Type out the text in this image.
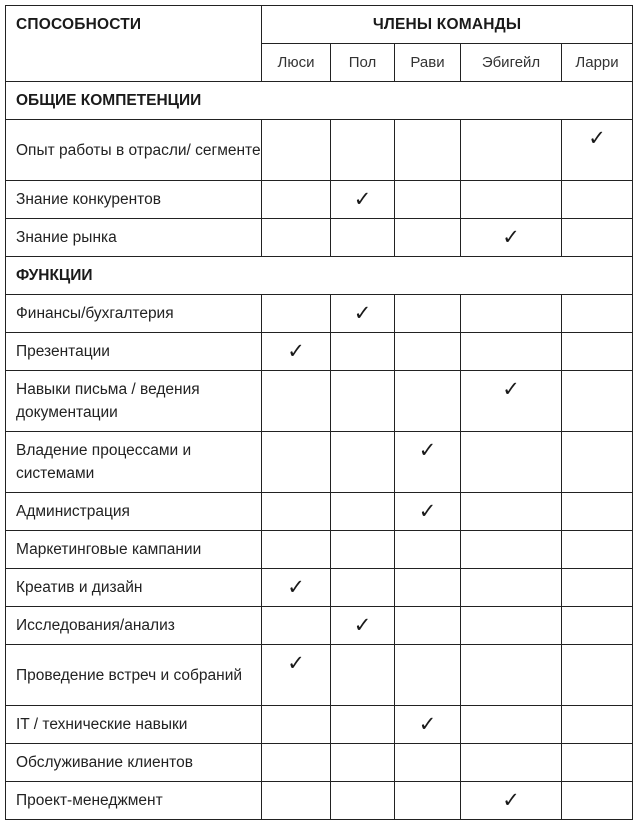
СПОСОБНОСТИ	ЧЛЕНЫ КОМАНДЫ				
	Люси	Пол	Рави	Эбигейл	Ларри
ОБЩИЕ КОМПЕТЕНЦИИ					
Опыт работы в отрасли/ сегменте					✓
Знание конкурентов		✓			
Знание рынка				✓	
ФУНКЦИИ					
Финансы/бухгалтерия		✓			
Презентации	✓				
Навыки письма / ведения документации				✓	
Владение процессами и системами			✓		
Администрация			✓		
Маркетинговые кампании					
Креатив и дизайн	✓				
Исследования/анализ		✓			
Проведение встреч и собраний	✓				
IT / технические навыки			✓		
Обслуживание клиентов					
Проект-менеджмент				✓	
